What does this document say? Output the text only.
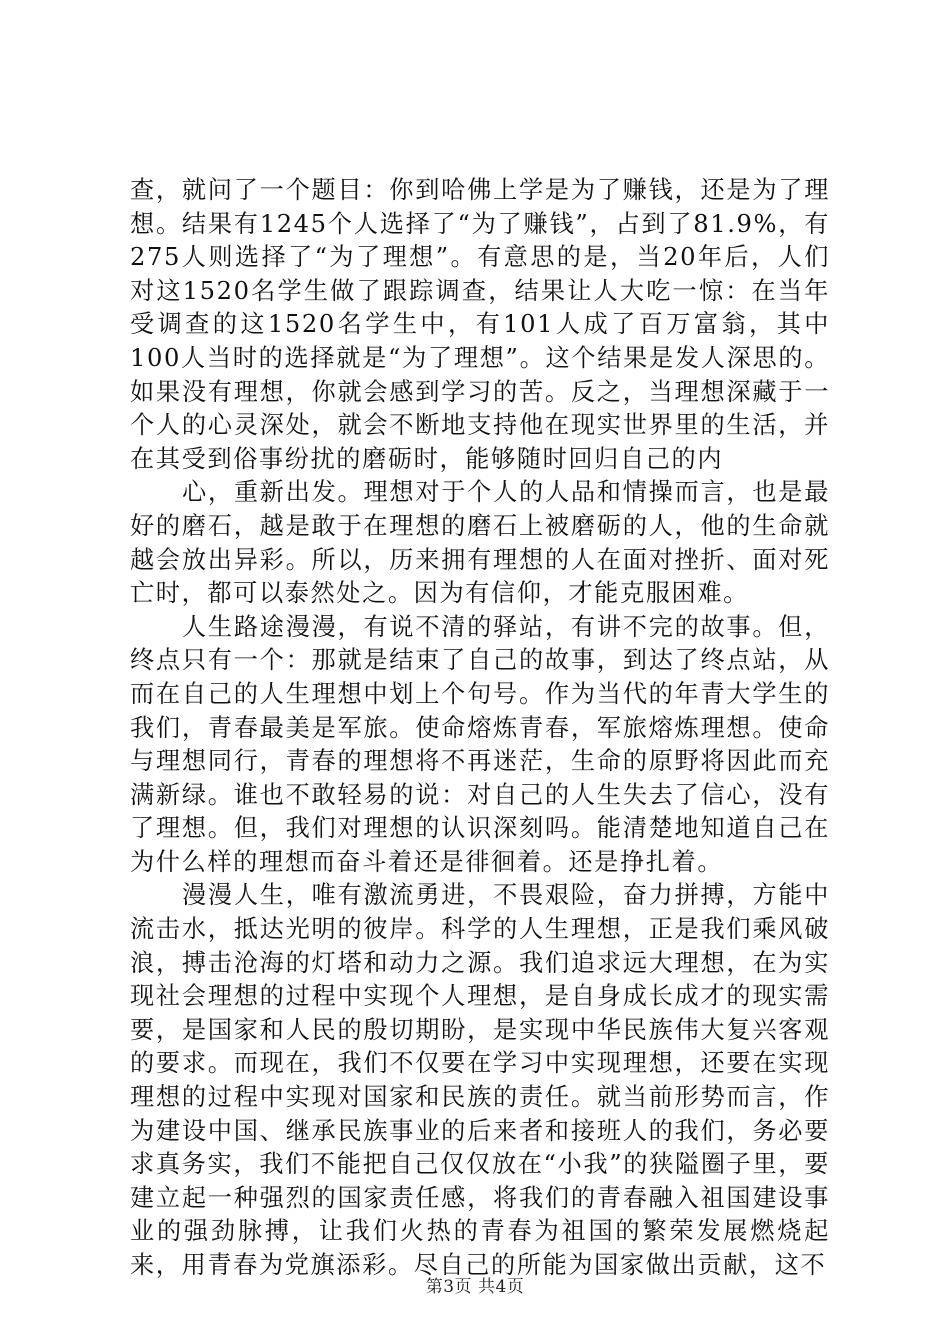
查，就问了一个题目：你到哈佛上学是为了赚钱，还是为了理想。结果有1245个人选择了“为了赚钱”，占到了81.9%，有275人则选择了“为了理想”。有意思的是，当20年后，人们对这1520名学生做了跟踪调查，结果让人大吃一惊：在当年受调查的这1520名学生中，有101人成了百万富翁，其中100人当时的选择就是“为了理想”。这个结果是发人深思的。如果没有理想，你就会感到学习的苦。反之，当理想深藏于一个人的心灵深处，就会不断地支持他在现实世界里的生活，并在其受到俗事纷扰的磨砺时，能够随时回归自己的内

心，重新出发。理想对于个人的人品和情操而言，也是最好的磨石，越是敢于在理想的磨石上被磨砺的人，他的生命就越会放出异彩。所以，历来拥有理想的人在面对挫折、面对死亡时，都可以泰然处之。因为有信仰，才能克服困难。

人生路途漫漫，有说不清的驿站，有讲不完的故事。但，终点只有一个：那就是结束了自己的故事，到达了终点站，从而在自己的人生理想中划上个句号。作为当代的年青大学生的我们，青春最美是军旅。使命熔炼青春，军旅熔炼理想。使命与理想同行，青春的理想将不再迷茫，生命的原野将因此而充满新绿。谁也不敢轻易的说：对自己的人生失去了信心，没有了理想。但，我们对理想的认识深刻吗。能清楚地知道自己在为什么样的理想而奋斗着还是徘徊着。还是挣扎着。

漫漫人生，唯有激流勇进，不畏艰险，奋力拼搏，方能中流击水，抵达光明的彼岸。科学的人生理想，正是我们乘风破浪，搏击沧海的灯塔和动力之源。我们追求远大理想，在为实现社会理想的过程中实现个人理想，是自身成长成才的现实需要，是国家和人民的殷切期盼，是实现中华民族伟大复兴客观的要求。而现在，我们不仅要在学习中实现理想，还要在实现理想的过程中实现对国家和民族的责任。就当前形势而言，作为建设中国、继承民族事业的后来者和接班人的我们，务必要求真务实，我们不能把自己仅仅放在“小我”的狭隘圈子里，要建立起一种强烈的国家责任感，将我们的青春融入祖国建设事业的强劲脉搏，让我们火热的青春为祖国的繁荣发展燃烧起来，用青春为党旗添彩。尽自己的所能为国家做出贡献，这不

第3页 共4页
